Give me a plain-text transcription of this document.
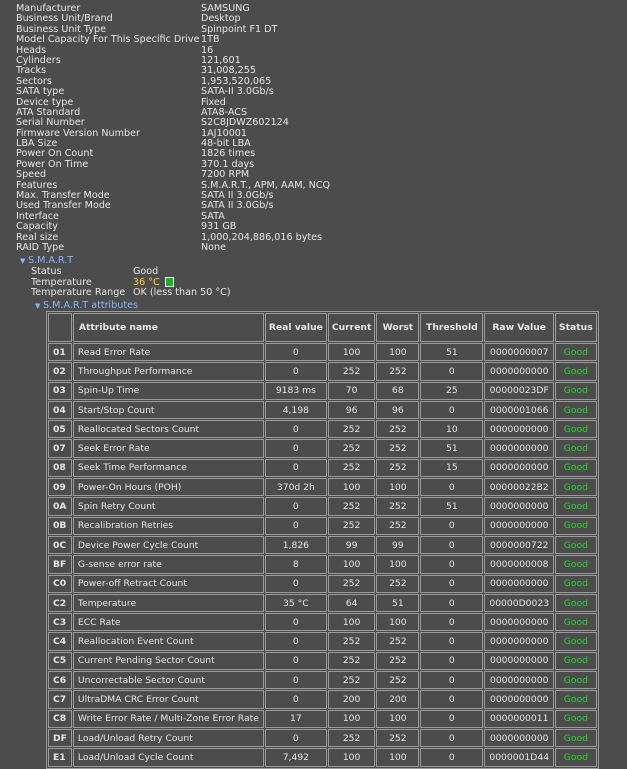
Manufacturer	SAMSUNG
Business Unit/Brand	Desktop
Business Unit Type	Spinpoint F1 DT
Model Capacity For This Specific Drive 1TB
Heads	16
Cylinders	121,601
Tracks	31,008,255
Sectors	1,953,520,065
SATA type	SATA-II 3.0Gb/s
Device type	Fixed
ATA Standard	ATA8-ACS
Serial Number	S2C8JDWZ602124
Firmware Version Number	1AJ10001
LBA Size	48-bit LBA
Power On Count	1826 times
Power On Time	370.1 days
Speed	7200 RPM
Features	S.M.A.R.T., APM, AAM, NCQ
Max. Transfer Mode	SATA II 3.0Gb/s
Used Transfer Mode	SATA II 3.0Gb/s
Interface	SATA
Capacity	931 GB
Real size	1,000,204,886,016 bytes
RAID Type	None
▼ S.M.A.R.T
Status	Good
Temperature	36 °C
Temperature Range OK (less than 50 °C)
▼ S.M.A.R.T attributes
	Attribute name	Real value	Current	Worst	Threshold	Raw Value	Status
01	Read Error Rate	0	100	100	51	0000000007	Good
02	Throughput Performance	0	252	252	0	0000000000	Good
03	Spin-Up Time	9183 ms	70	68	25	00000023DF	Good
04	Start/Stop Count	4,198	96	96	0	0000001066	Good
05	Reallocated Sectors Count	0	252	252	10	0000000000	Good
07	Seek Error Rate	0	252	252	51	0000000000	Good
08	Seek Time Performance	0	252	252	15	0000000000	Good
09	Power-On Hours (POH)	370d 2h	100	100	0	00000022B2	Good
0A	Spin Retry Count	0	252	252	51	0000000000	Good
0B	Recalibration Retries	0	252	252	0	0000000000	Good
0C	Device Power Cycle Count	1,826	99	99	0	0000000722	Good
BF	G-sense error rate	8	100	100	0	0000000008	Good
C0	Power-off Retract Count	0	252	252	0	0000000000	Good
C2	Temperature	35 °C	64	51	0	00000D0023	Good
C3	ECC Rate	0	100	100	0	0000000000	Good
C4	Reallocation Event Count	0	252	252	0	0000000000	Good
C5	Current Pending Sector Count	0	252	252	0	0000000000	Good
C6	Uncorrectable Sector Count	0	252	252	0	0000000000	Good
C7	UltraDMA CRC Error Count	0	200	200	0	0000000000	Good
C8	Write Error Rate / Multi-Zone Error Rate	17	100	100	0	0000000011	Good
DF	Load/Unload Retry Count	0	252	252	0	0000000000	Good
E1	Load/Unload Cycle Count	7,492	100	100	0	0000001D44	Good
